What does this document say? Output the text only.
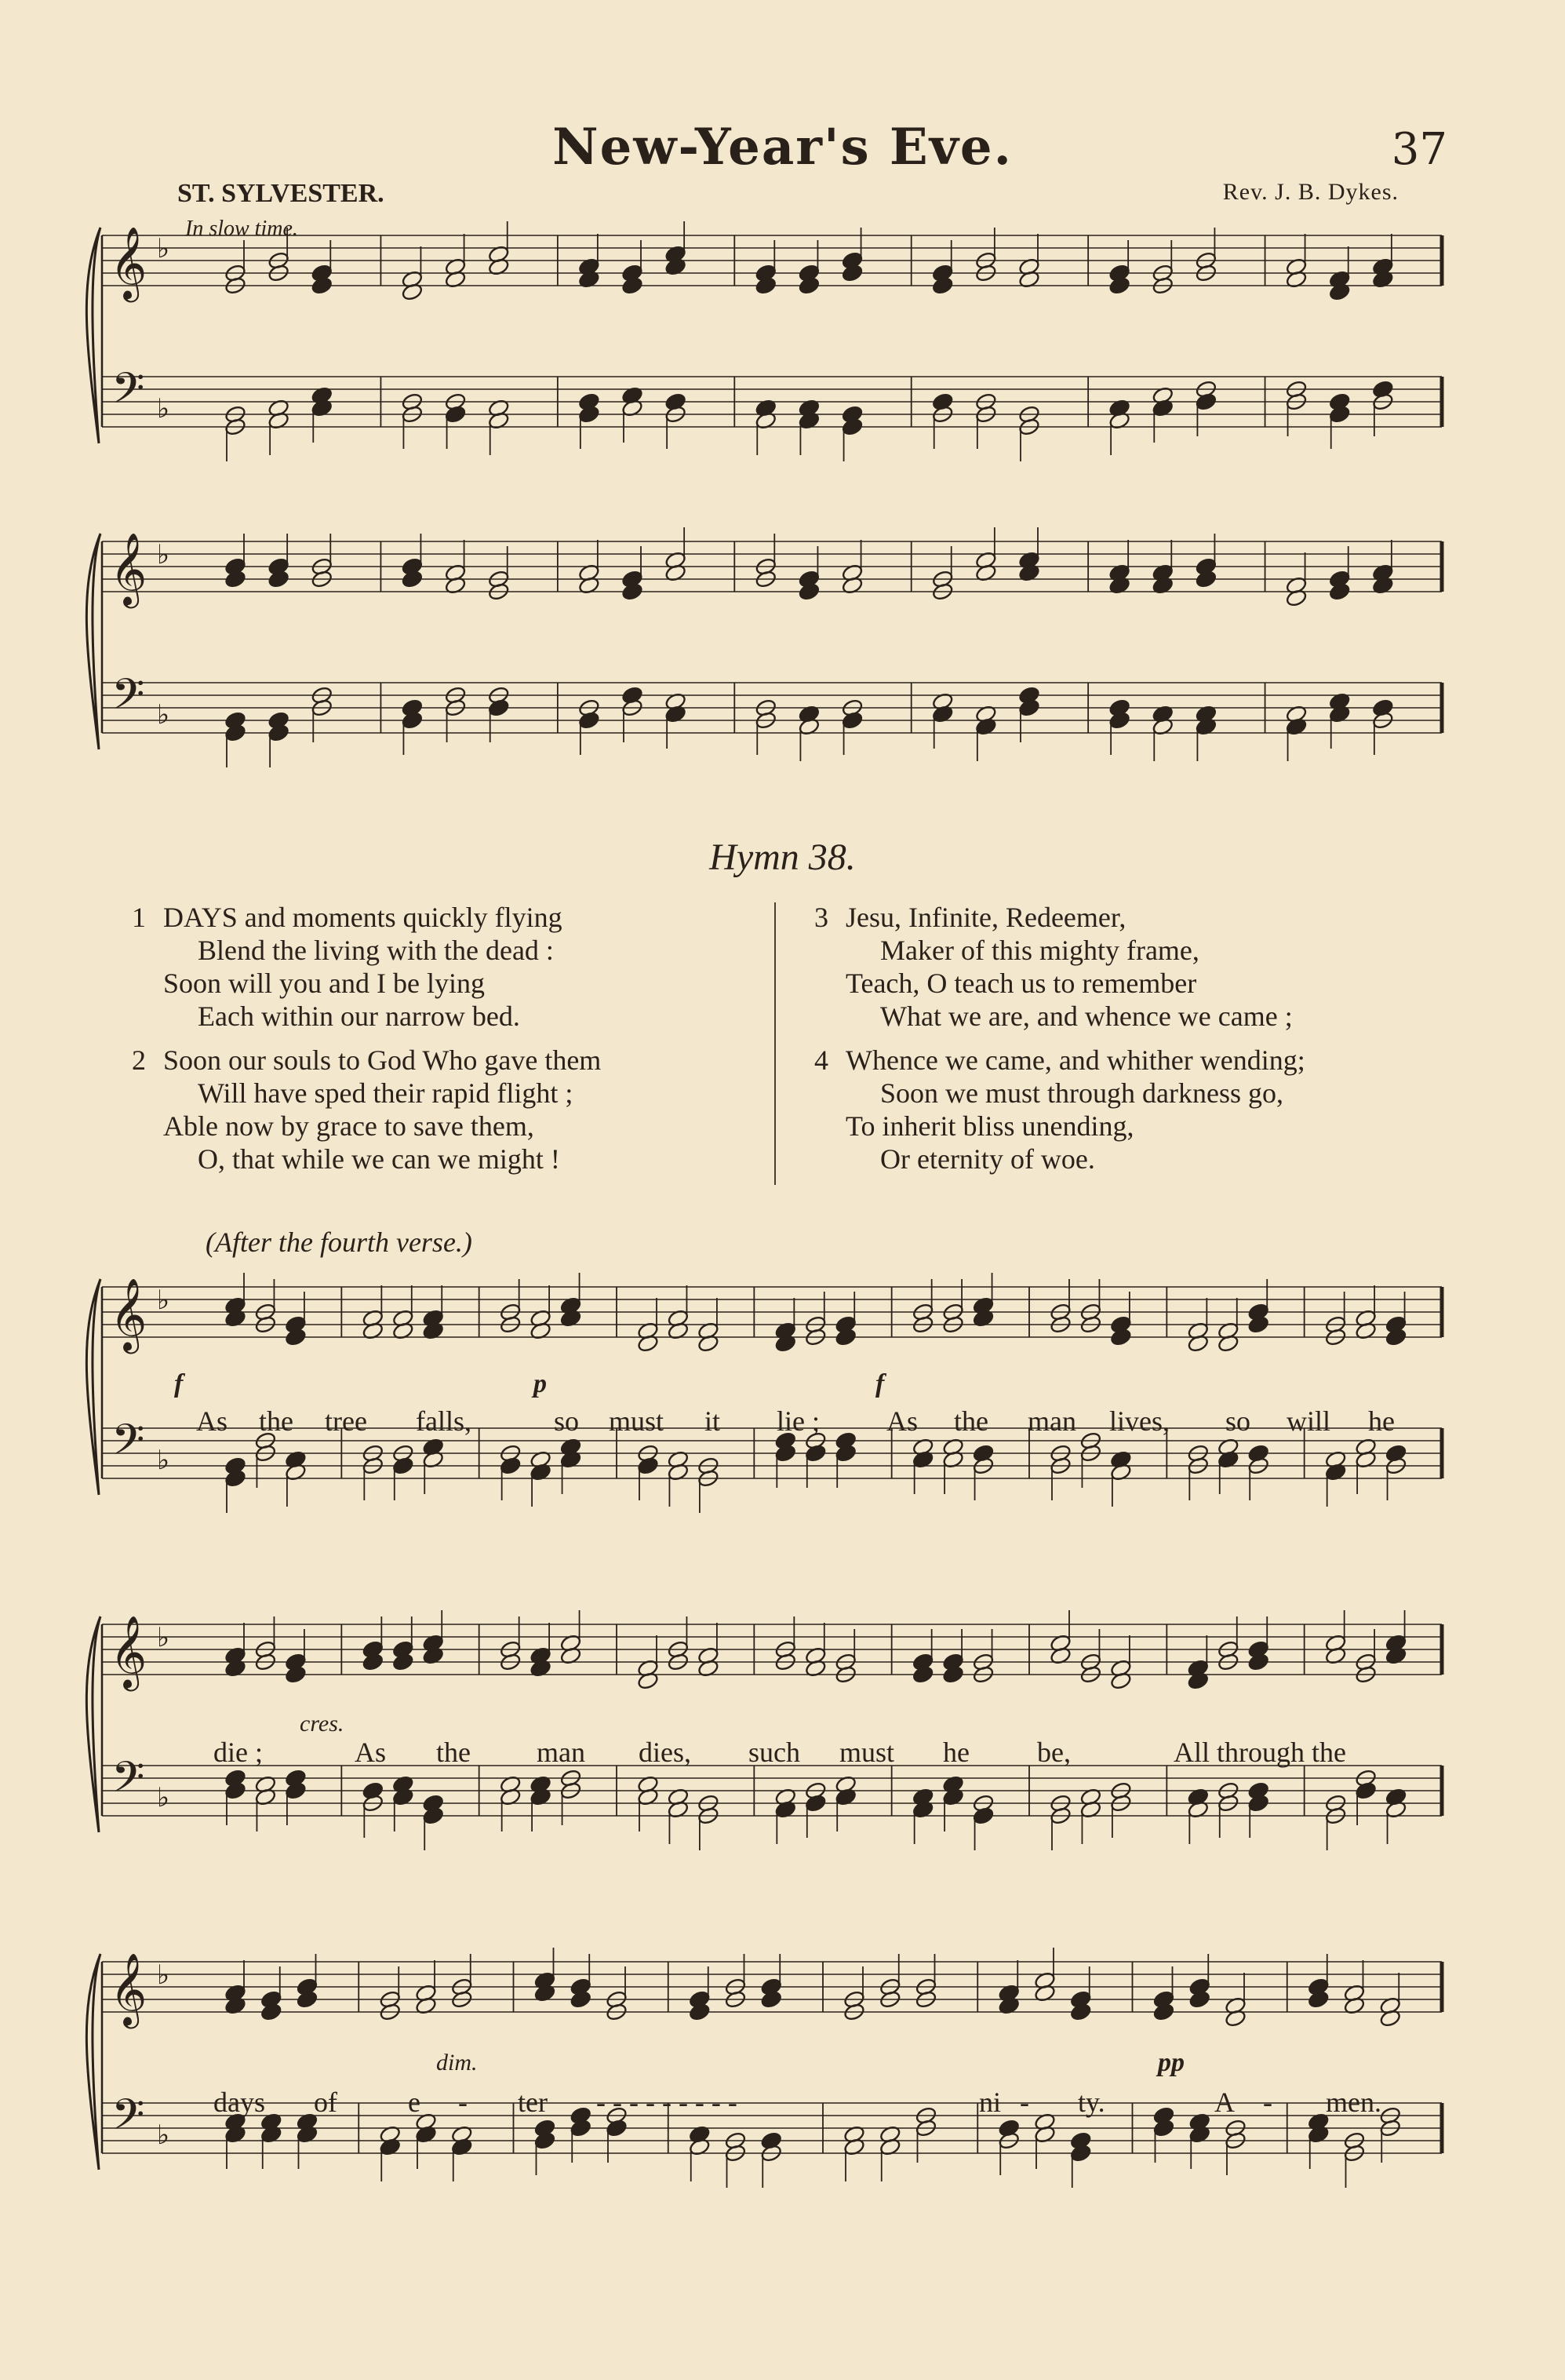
New-Year's Eve.	37
ST. SYLVESTER.	Rev. J. B. Dykes.
In slow time.
𝄞
𝄢
♭
♭
𝄞
𝄢
♭
♭
Hymn 38.
1 DAYS and moments quickly flying
Blend the living with the dead :
Soon will you and I be lying
Each within our narrow bed.
2 Soon our souls to God Who gave them
Will have sped their rapid flight ;
Able now by grace to save them,
O, that while we can we might !
3 Jesu, Infinite, Redeemer,
Maker of this mighty frame,
Teach, O teach us to remember
What we are, and whence we came ;
4 Whence we came, and whither wending;
Soon we must through darkness go,
To inherit bliss unending,
Or eternity of woe.
(After the fourth verse.)
𝄞
𝄢
♭
♭
𝄞
𝄢
♭
♭
𝄞
𝄢
♭
♭
As the tree falls,	so must it lie ; As the man lives, so will he
die ;	As the man dies, such must he be,	All through the
days of	e - ter - - - - - - - - -	ni - ty.	A - men.
f	p	f
cres.
dim.	pp
